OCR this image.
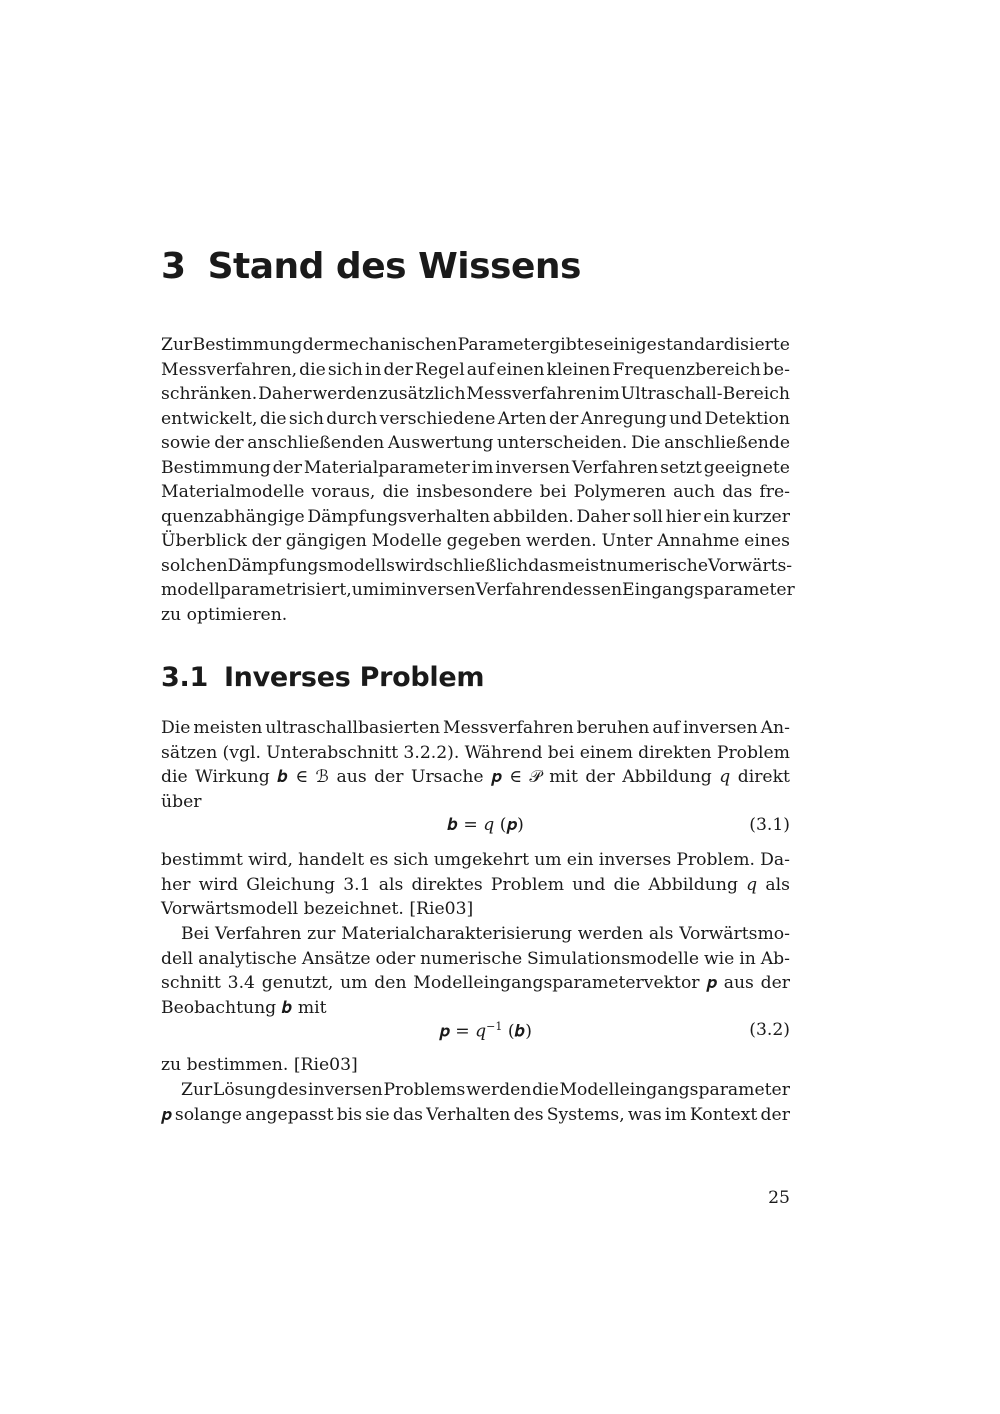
3 Stand des Wissens
Zur Bestimmung der mechanischen Parameter gibt es einige standardisierte
Messverfahren, die sich in der Regel auf einen kleinen Frequenzbereich be-
schränken. Daher werden zusätzlich Messverfahren im Ultraschall-Bereich
entwickelt, die sich durch verschiedene Arten der Anregung und Detektion
sowie der anschließenden Auswertung unterscheiden. Die anschließende
Bestimmung der Materialparameter im inversen Verfahren setzt geeignete
Materialmodelle voraus, die insbesondere bei Polymeren auch das fre-
quenzabhängige Dämpfungsverhalten abbilden. Daher soll hier ein kurzer
Überblick der gängigen Modelle gegeben werden. Unter Annahme eines
solchen Dämpfungsmodells wird schließlich das meist numerische Vorwärts-
modell parametrisiert, um im inversen Verfahren dessen Eingangsparameter
zu optimieren.
3.1 Inverses Problem
Die meisten ultraschallbasierten Messverfahren beruhen auf inversen An-
sätzen (vgl. Unterabschnitt 3.2.2). Während bei einem direkten Problem
die Wirkung 𝒃 ∈ ℬ aus der Ursache 𝒑 ∈ 𝒫 mit der Abbildung 𝑞 direkt
über
𝒃 = 𝑞 (𝒑)	(3.1)
bestimmt wird, handelt es sich umgekehrt um ein inverses Problem. Da-
her wird Gleichung 3.1 als direktes Problem und die Abbildung 𝑞 als
Vorwärtsmodell bezeichnet. [Rie03]
Bei Verfahren zur Materialcharakterisierung werden als Vorwärtsmo-
dell analytische Ansätze oder numerische Simulationsmodelle wie in Ab-
schnitt 3.4 genutzt, um den Modelleingangsparametervektor 𝒑 aus der
Beobachtung 𝒃 mit
𝒑 = 𝑞$^{-1}$ (𝒃)	(3.2)
zu bestimmen. [Rie03]
Zur Lösung des inversen Problems werden die Modelleingangsparameter
𝒑 solange angepasst bis sie das Verhalten des Systems, was im Kontext der
25
